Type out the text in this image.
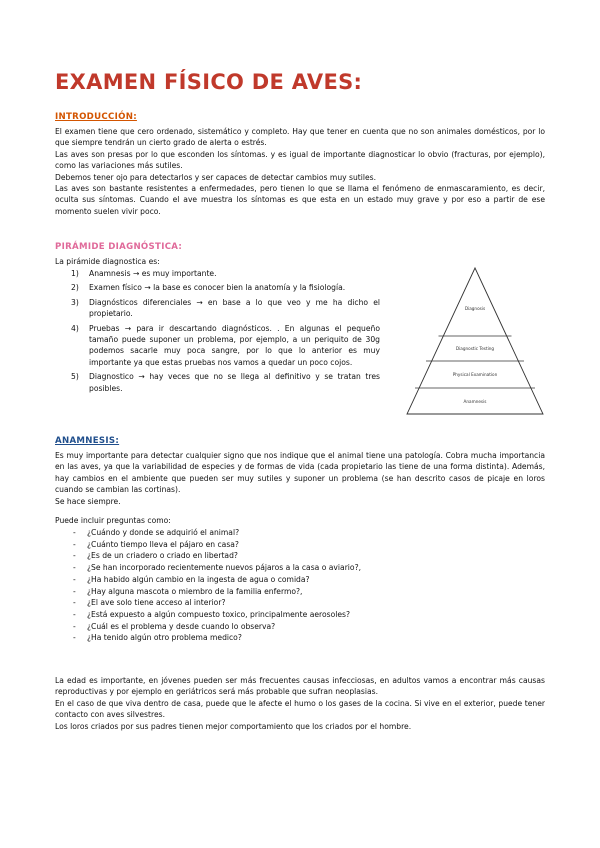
EXAMEN FÍSICO DE AVES:
INTRODUCCIÓN:

El examen tiene que cero ordenado, sistemático y completo. Hay que tener en cuenta que no son animales domésticos, por lo que siempre tendrán un cierto grado de alerta o estrés.

Las aves son presas por lo que esconden los síntomas. y es igual de importante diagnosticar lo obvio (fracturas, por ejemplo), como las variaciones más sutiles.

Debemos tener ojo para detectarlos y ser capaces de detectar cambios muy sutiles.

Las aves son bastante resistentes a enfermedades, pero tienen lo que se llama el fenómeno de enmascaramiento, es decir, oculta sus síntomas. Cuando el ave muestra los síntomas es que esta en un estado muy grave y por eso a partir de ese momento suelen vivir poco.

PIRÁMIDE DIAGNÓSTICA:
La pirámide diagnostica es:
1)	Anamnesis → es muy importante.
2)	Examen físico → la base es conocer bien la anatomía y la fisiología.
3)	Diagnósticos diferenciales → en base a lo que veo y me ha dicho el propietario.
4)	Pruebas → para ir descartando diagnósticos. . En algunas el pequeño tamaño puede suponer un problema, por ejemplo, a un periquito de 30g podemos sacarle muy poca sangre, por lo que lo anterior es muy importante ya que estas pruebas nos vamos a quedar un poco cojos.
5)	Diagnostico → hay veces que no se llega al definitivo y se tratan tres posibles.
Diagnosis
Diagnostic Testing
Physical Examination
Anamnesis
ANAMNESIS:

Es muy importante para detectar cualquier signo que nos indique que el animal tiene una patología. Cobra mucha importancia en las aves, ya que la variabilidad de especies y de formas de vida (cada propietario las tiene de una forma distinta). Además, hay cambios en el ambiente que pueden ser muy sutiles y suponer un problema (se han descrito casos de picaje en loros cuando se cambian las cortinas).

Se hace siempre.

Puede incluir preguntas como:
-	¿Cuándo y donde se adquirió el animal?
-	¿Cuánto tiempo lleva el pájaro en casa?
-	¿Es de un criadero o criado en libertad?
-	¿Se han incorporado recientemente nuevos pájaros a la casa o aviario?,
-	¿Ha habido algún cambio en la ingesta de agua o comida?
-	¿Hay alguna mascota o miembro de la familia enfermo?,
-	¿El ave solo tiene acceso al interior?
-	¿Está expuesto a algún compuesto toxico, principalmente aerosoles?
-	¿Cuál es el problema y desde cuando lo observa?
-	¿Ha tenido algún otro problema medico?

La edad es importante, en jóvenes pueden ser más frecuentes causas infecciosas, en adultos vamos a encontrar más causas reproductivas y por ejemplo en geriátricos será más probable que sufran neoplasias.

En el caso de que viva dentro de casa, puede que le afecte el humo o los gases de la cocina. Si vive en el exterior, puede tener contacto con aves silvestres.

Los loros criados por sus padres tienen mejor comportamiento que los criados por el hombre.
